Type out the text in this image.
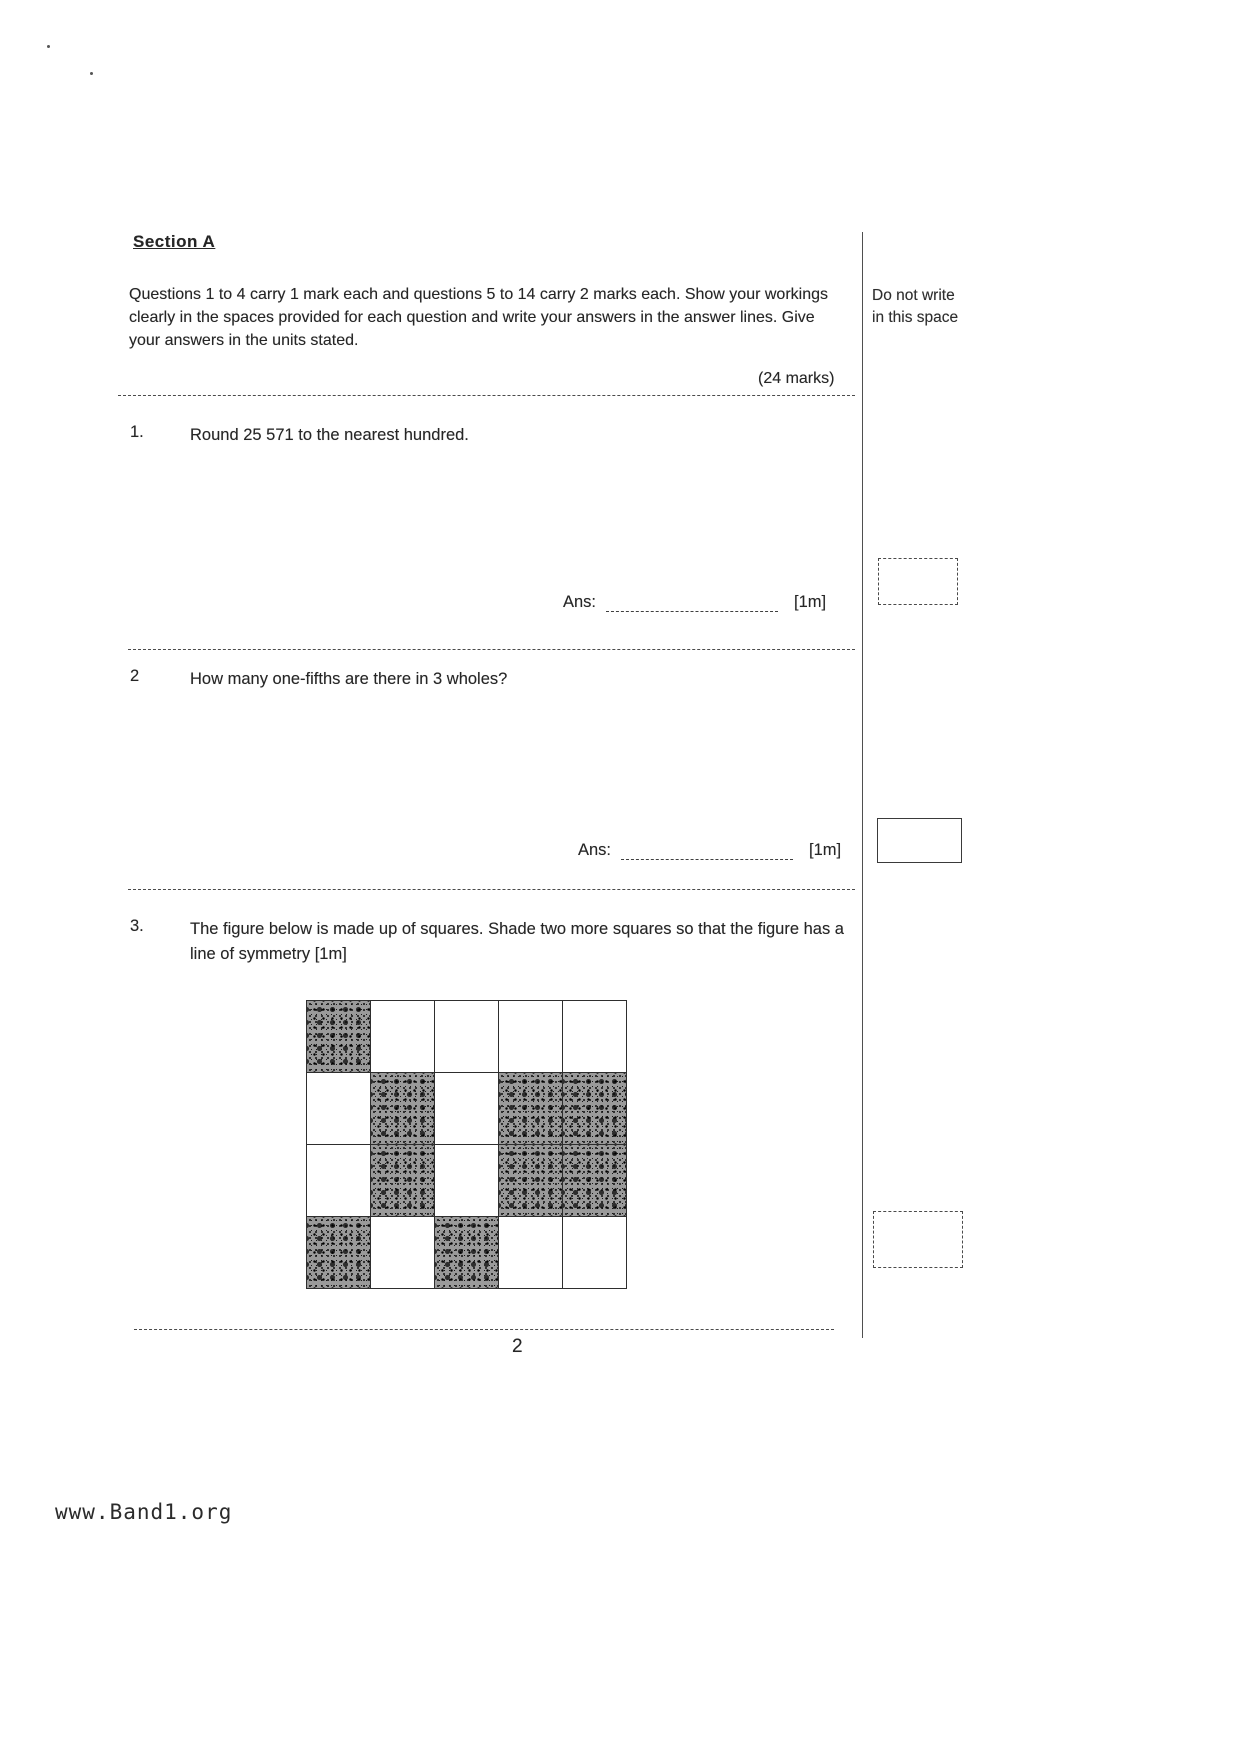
Do not write
in this space
Section A
Questions 1 to 4 carry 1 mark each and questions 5 to 14 carry 2 marks each. Show your workings clearly in the spaces provided for each question and write your answers in the answer lines. Give your answers in the units stated.
(24 marks)
1.	Round 25 571 to the nearest hundred.
Ans:	[1m]
2	How many one-fifths are there in 3 wholes?
Ans:	[1m]
3.	The figure below is made up of squares. Shade two more squares so that the figure has a line of symmetry [1m]
2
www.Band1.org
